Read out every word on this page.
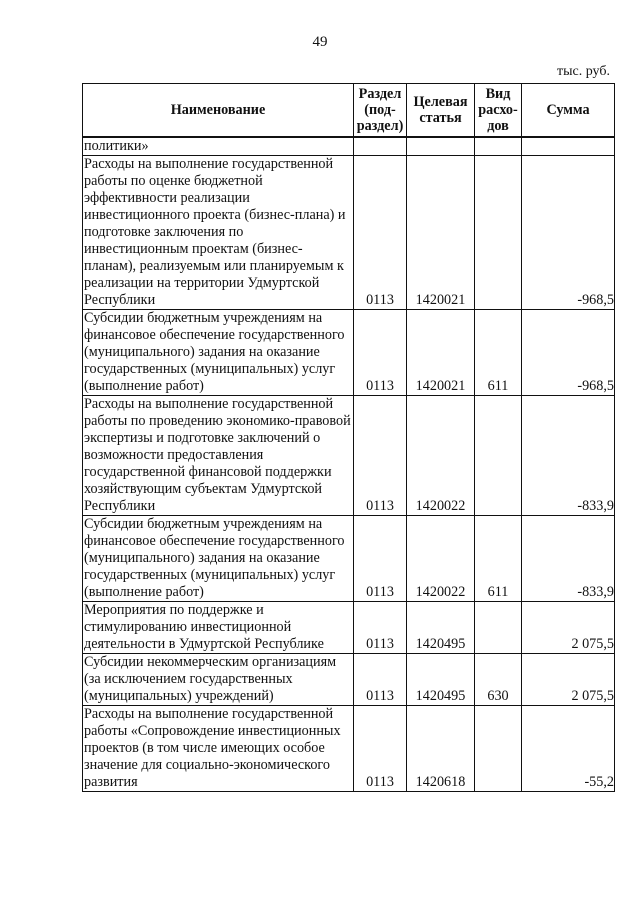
49
тыс. руб.
Наименование	Раздел (под-раздел)	Целевая статья	Вид расхо-дов	Сумма
политики»				
Расходы на выполнение государственной работы по оценке бюджетной эффективности реализации инвестиционного проекта (бизнес-плана) и подготовке заключения по инвестиционным проектам (бизнес-планам), реализуемым или планируемым к реализации на территории Удмуртской Республики	0113	1420021		-968,5
Субсидии бюджетным учреждениям на финансовое обеспечение государственного (муниципального) задания на оказание государственных (муниципальных) услуг (выполнение работ)	0113	1420021	611	-968,5
Расходы на выполнение государственной работы по проведению экономико-правовой экспертизы и подготовке заключений о возможности предоставления государственной финансовой поддержки хозяйствующим субъектам Удмуртской Республики	0113	1420022		-833,9
Субсидии бюджетным учреждениям на финансовое обеспечение государственного (муниципального) задания на оказание государственных (муниципальных) услуг (выполнение работ)	0113	1420022	611	-833,9
Мероприятия по поддержке и стимулированию инвестиционной деятельности в Удмуртской Республике	0113	1420495		2 075,5
Субсидии некоммерческим организациям (за исключением государственных (муниципальных) учреждений)	0113	1420495	630	2 075,5
Расходы на выполнение государственной работы «Сопровождение инвестиционных проектов (в том числе имеющих особое значение для социально-экономического развития	0113	1420618		-55,2
